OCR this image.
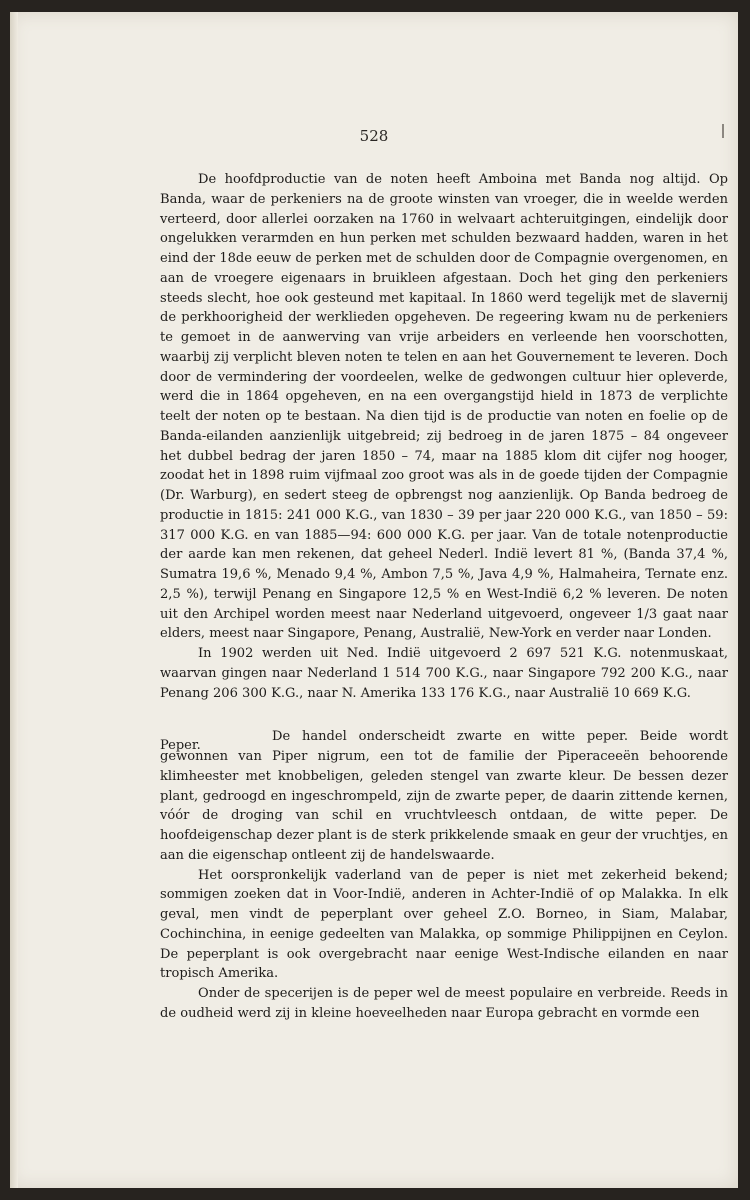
528

De hoofdproductie van de noten heeft Amboina met Banda nog altijd. Op Banda, waar de perkeniers na de groote winsten van vroeger, die in weelde werden verteerd, door allerlei oorzaken na 1760 in welvaart achteruitgingen, eindelijk door ongelukken verarmden en hun perken met schulden bezwaard hadden, waren in het eind der 18de eeuw de perken met de schulden door de Compagnie overgenomen, en aan de vroegere eigenaars in bruikleen afgestaan. Doch het ging den perkeniers steeds slecht, hoe ook gesteund met kapitaal. In 1860 werd tegelijk met de slavernij de perkhoorigheid der werklieden opgeheven. De regeering kwam nu de perkeniers te gemoet in de aanwerving van vrije arbeiders en verleende hen voorschotten, waarbij zij verplicht bleven noten te telen en aan het Gouvernement te leveren. Doch door de vermindering der voordeelen, welke de gedwongen cultuur hier opleverde, werd die in 1864 opgeheven, en na een overgangstijd hield in 1873 de verplichte teelt der noten op te bestaan. Na dien tijd is de productie van noten en foelie op de Banda-eilanden aanzienlijk uitgebreid; zij bedroeg in de jaren 1875 – 84 ongeveer het dubbel bedrag der jaren 1850 – 74, maar na 1885 klom dit cijfer nog hooger, zoodat het in 1898 ruim vijfmaal zoo groot was als in de goede tijden der Compagnie (Dr. Warburg), en sedert steeg de opbrengst nog aanzienlijk. Op Banda bedroeg de productie in 1815: 241 000 K.G., van 1830 – 39 per jaar 220 000 K.G., van 1850 – 59: 317 000 K.G. en van 1885—94: 600 000 K.G. per jaar. Van de totale notenproductie der aarde kan men rekenen, dat geheel Nederl. Indië levert 81 %, (Banda 37,4 %, Sumatra 19,6 %, Menado 9,4 %, Ambon 7,5 %, Java 4,9 %, Halmaheira, Ternate enz. 2,5 %), terwijl Penang en Singapore 12,5 % en West-Indië 6,2 % leveren. De noten uit den Archipel worden meest naar Nederland uitgevoerd, ongeveer 1/3 gaat naar elders, meest naar Singapore, Penang, Australië, New-York en verder naar Londen.

In 1902 werden uit Ned. Indië uitgevoerd 2 697 521 K.G. notenmuskaat, waarvan gingen naar Nederland 1 514 700 K.G., naar Singapore 792 200 K.G., naar Penang 206 300 K.G., naar N. Amerika 133 176 K.G., naar Australië 10 669 K.G.

Peper.

De handel onderscheidt zwarte en witte peper. Beide wordt gewonnen van Piper nigrum, een tot de familie der Piperaceeën behoorende klimheester met knobbeligen, geleden stengel van zwarte kleur. De bessen dezer plant, gedroogd en ingeschrompeld, zijn de zwarte peper, de daarin zittende kernen, vóór de droging van schil en vruchtvleesch ontdaan, de witte peper. De hoofdeigenschap dezer plant is de sterk prikkelende smaak en geur der vruchtjes, en aan die eigenschap ontleent zij de handelswaarde.

Het oorspronkelijk vaderland van de peper is niet met zekerheid bekend; sommigen zoeken dat in Voor-Indië, anderen in Achter-Indië of op Malakka. In elk geval, men vindt de peperplant over geheel Z.O. Borneo, in Siam, Malabar, Cochinchina, in eenige gedeelten van Malakka, op sommige Philippijnen en Ceylon. De peperplant is ook overgebracht naar eenige West-Indische eilanden en naar tropisch Amerika.

Onder de specerijen is de peper wel de meest populaire en verbreide. Reeds in de oudheid werd zij in kleine hoeveelheden naar Europa gebracht en vormde een
